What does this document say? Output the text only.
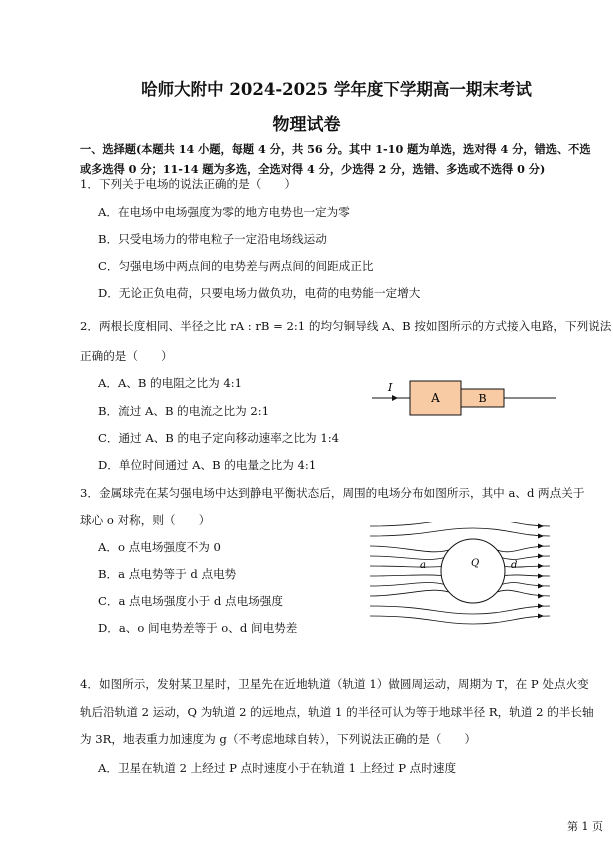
哈师大附中 2024-2025 学年度下学期高一期末考试
物理试卷
一、选择题(本题共 14 小题，每题 4 分，共 56 分。其中 1-10 题为单选，选对得 4 分，错选、不选
或多选得 0 分；11-14 题为多选，全选对得 4 分，少选得 2 分，选错、多选或不选得 0 分)
1．下列关于电场的说法正确的是（　　）
A．在电场中电场强度为零的地方电势也一定为零
B．只受电场力的带电粒子一定沿电场线运动
C．匀强电场中两点间的电势差与两点间的间距成正比
D．无论正负电荷，只要电场力做负功，电荷的电势能一定增大
2．两根长度相同、半径之比 rA : rB = 2:1 的均匀铜导线 A、B 按如图所示的方式接入电路，下列说法
正确的是（　　）
A．A、B 的电阻之比为 4:1
B．流过 A、B 的电流之比为 2:1
C．通过 A、B 的电子定向移动速率之比为 1:4
D．单位时间通过 A、B 的电量之比为 4:1
I
A	B
3．金属球壳在某匀强电场中达到静电平衡状态后，周围的电场分布如图所示，其中 a、d 两点关于
球心 o 对称，则（　　）
A．o 点电场强度不为 0
B．a 点电势等于 d 点电势
C．a 点电场强度小于 d 点电场强度
D．a、o 间电势差等于 o、d 间电势差
Q
a	d
4．如图所示，发射某卫星时，卫星先在近地轨道（轨道 1）做圆周运动，周期为 T，在 P 处点火变
轨后沿轨道 2 运动，Q 为轨道 2 的远地点，轨道 1 的半径可认为等于地球半径 R，轨道 2 的半长轴
为 3R，地表重力加速度为 g（不考虑地球自转），下列说法正确的是（　　）
A．卫星在轨道 2 上经过 P 点时速度小于在轨道 1 上经过 P 点时速度
第 1 页
